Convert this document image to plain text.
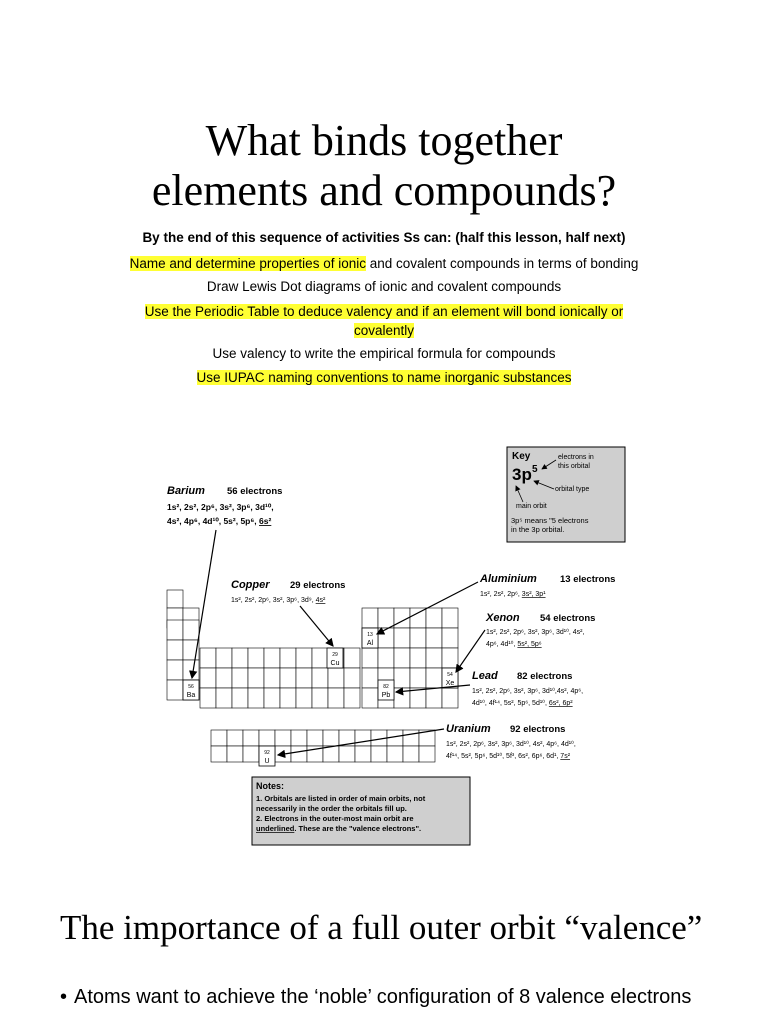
What binds together
elements and compounds?
By the end of this sequence of activities Ss can: (half this lesson, half next)
Name and determine properties of ionic and covalent compounds in terms of bonding
Draw Lewis Dot diagrams of ionic and covalent compounds
Use the Periodic Table to deduce valency and if an element will bond ionically or
covalently
Use valency to write the empirical formula for compounds
Use IUPAC naming conventions to name inorganic substances
Key
3p 5
electrons in
this orbital
orbital type
main orbit
3p⁵ means "5 electrons
in the 3p orbital.
Barium 56 electrons
1s², 2s², 2p⁶, 3s², 3p⁶, 3d¹⁰,
4s², 4p⁶, 4d¹⁰, 5s², 5p⁶, 6s²
Copper 29 electrons
1s², 2s², 2p⁶, 3s², 3p⁶, 3d⁹, 4s²
Aluminium 13 electrons
1s², 2s², 2p⁶, 3s², 3p¹
Xenon 54 electrons
1s², 2s², 2p⁶, 3s², 3p⁶, 3d¹⁰, 4s²,
4p⁶, 4d¹⁰, 5s², 5p⁶
Lead 82 electrons
1s², 2s², 2p⁶, 3s², 3p⁶, 3d¹⁰,4s², 4p⁶,
4d¹⁰, 4f¹⁴, 5s², 5p⁶, 5d¹⁰, 6s², 6p²
Uranium 92 electrons
1s², 2s², 2p⁶, 3s², 3p⁶, 3d¹⁰, 4s², 4p⁶, 4d¹⁰,
4f¹⁴, 5s², 5p⁶, 5d¹⁰, 5f³, 6s², 6p⁶, 6d¹, 7s²
56
Ba
29
Cu
13
Al
82
Pb
54
Xe
92
U
Notes:
1. Orbitals are listed in order of main orbits, not
necessarily in the order the orbitals fill up.
2. Electrons in the outer-most main orbit are
underlined. These are the "valence electrons".
The importance of a full outer orbit “valence”
• Atoms want to achieve the ‘noble’ configuration of 8 valence electrons
